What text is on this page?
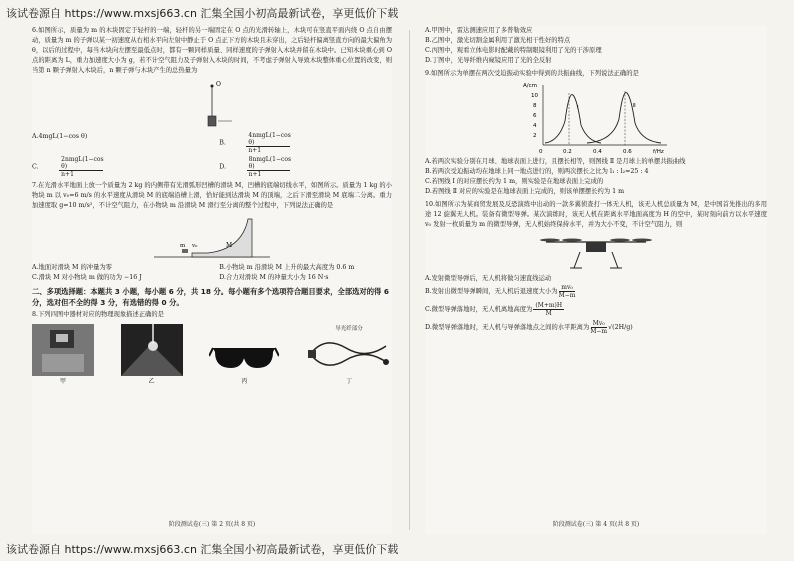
该试卷源自 https://www.mxsj663.cn 汇集全国小初高最新试卷，享更低价下载

6.如图所示，质量为 m 的木块固定于轻杆的一端，轻杆的另一端固定在 O 点的光滑转轴上，木块可在竖直平面内绕 O 点自由摆动，质量为 m 的子弹以某一初速度从右相水平向左射中静止于 O 点正下方的木块且未穿出，之后轻杆偏离竖直方向的最大偏角为 θ，以后的过程中，每当木块向左摆至最低点时，都有一颗同样质量、同样速度的子弹射入木块并留在木块中。已知木块重心到 O 点的距离为 L，重力加速度大小为 g，若不计空气阻力及子弹射入木块的时间，不考虑子弹射入导致木块整体重心位置的改变，则当第 n 颗子弹射入木块后，n 颗子弹与木块产生的总热量为

O
A.4mgL(1−cos θ)
B. $\frac{\text{4nmgL(1−cos θ)}}{n+1}$
C. $\frac{\text{2nmgL(1−cos θ)}}{n+1}$	D. $\frac{\text{8nmgL(1−cos θ)}}{n+1}$

7.在光滑水平地面上放一个质量为 2 kg 的内侧带有光滑弧形凹槽的滑块 M，凹槽的底端切线水平，如图所示。质量为 1 kg 的小物块 m 以 v₀=6 m/s 的水平速度从滑块 M 的底端沿槽上滑，恰好能到达滑块 M 的顶端，之后下滑至滑块 M 底端二分离。重力加速度取 g=10 m/s²，不计空气阻力，在小物块 m 沿滑块 M 滑行至分离的整个过程中，下列说法正确的是

m v₀	M
A.地面对滑块 M 的冲量为零	B.小物块 m 沿滑块 M 上升的最大高度为 0.6 m
C.滑块 M 对小物块 m 做的功为 −16 J	D.合力对滑块 M 的冲量大小为 16 N·s

二、多项选择题：本题共 3 小题，每小题 6 分，共 18 分。每小题有多个选项符合题目要求，全部选对的得 6 分，选对但不全的得 3 分，有选错的得 0 分。

8.下列四图中器材对应的物理现象描述正确的是

甲	乙	丙
导光纤部分
丁
阶段测试卷(三) 第 2 页(共 8 页)

A.甲图中，雷达测速应用了多普勒效应

B.乙图中，激光切割金属利用了激光相干性好的特点

C.丙图中，观看立体电影时配戴的特制眼镜利用了光的干涉原理

D.丁图中，光导纤维内窥镜应用了光的全反射

9.如图所示为单摆在两次受迫振动实验中得到的共振曲线，下列说法正确的是

A/cm
f/Hz
10
8
6
4
2
0	0.2	0.4	0.6
Ⅰ	Ⅱ

A.若两次实验分别在月球、地球表面上进行，且摆长相等，则图线 Ⅱ 是月球上的单摆共振曲线

B.若两次受迫振动均在地球上同一地点进行的，则两次摆长之比为 l₁ : l₂=25 : 4

C.若图线 Ⅰ 的对应摆长约为 1 m，则实验是在地球表面上完成的

D.若图线 Ⅱ 对应的实验是在地球表面上完成的，则该单摆摆长约为 1 m

10.如图所示为某商贸发展及反恐演练中出动的一款多翼侦查打一体无人机，该无人机总质量为 M，是中国首先推出的多用途 12 旋翼无人机。装备有微型导弹。某次演练时，该无人机在距离水平地面高度为 H 的空中，某时刻向前方以水平速度 v₀ 发射一枚质量为 m 的微型导弹，无人机始终保持水平，并为大小不变，不计空气阻力，则

A.发射微型导弹后，无人机将做匀速直线运动

B.发射出微型导弹瞬间，无人机后退速度大小为 $\frac{\text{mv₀}}{M-m}$

C.微型导弹落地时，无人机离地高度为 $\frac{(M+m)H}{M}$

D.微型导弹落地时，无人机与导弹落地点之间的水平距离为 $\frac{\text{Mv₀}}{M-m} √(2H/g)$

阶段测试卷(三) 第 4 页(共 8 页)
该试卷源自 https://www.mxsj663.cn 汇集全国小初高最新试卷，享更低价下载
